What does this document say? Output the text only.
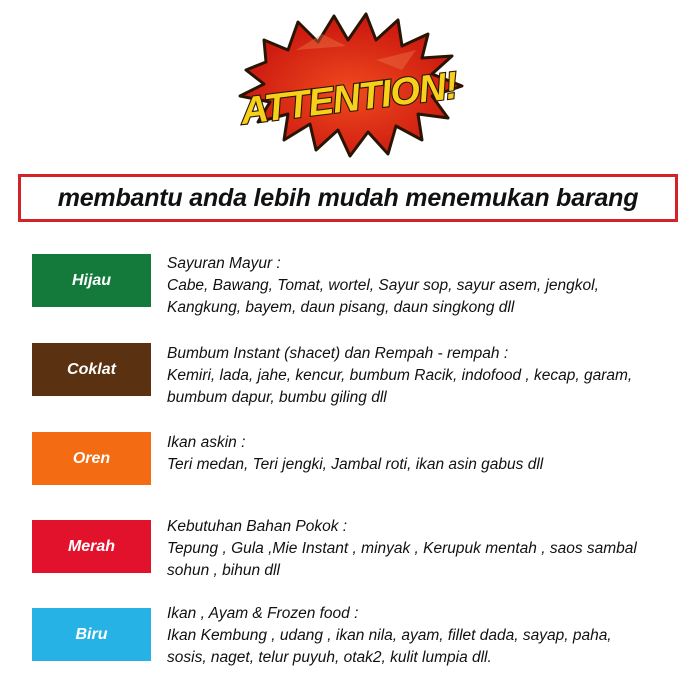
ATTENTION!
membantu anda lebih mudah menemukan barang
Hijau
Sayuran Mayur :
Cabe, Bawang, Tomat, wortel, Sayur sop, sayur asem, jengkol,
Kangkung, bayem, daun pisang, daun singkong dll
Coklat
Bumbum Instant (shacet) dan Rempah - rempah :
Kemiri, lada, jahe, kencur, bumbum Racik, indofood , kecap, garam,
bumbum dapur, bumbu giling dll
Oren
Ikan askin :
Teri medan, Teri jengki, Jambal roti, ikan asin gabus dll
Merah
Kebutuhan Bahan Pokok :
Tepung , Gula ,Mie Instant , minyak , Kerupuk mentah , saos sambal
sohun , bihun dll
Biru
Ikan , Ayam & Frozen food :
Ikan Kembung , udang , ikan nila, ayam, fillet dada, sayap, paha,
sosis, naget, telur puyuh, otak2, kulit lumpia dll.
